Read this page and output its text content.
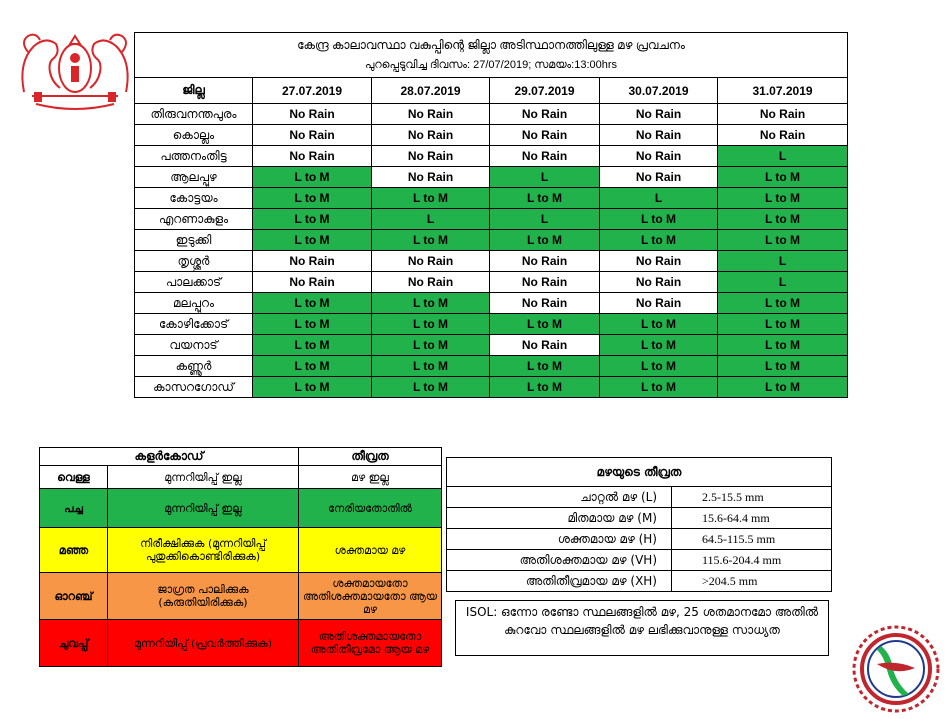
കേന്ദ്ര കാലാവസ്ഥാ വകുപ്പിന്റെ ജില്ലാ അടിസ്ഥാനത്തിലുള്ള മഴ പ്രവചനം
പുറപ്പെടുവിച്ച ദിവസം: 27/07/2019; സമയം:13:00hrs					

ജില്ല	27.07.2019	28.07.2019	29.07.2019	30.07.2019	31.07.2019
തിരുവനന്തപുരം	No Rain	No Rain	No Rain	No Rain	No Rain
കൊല്ലം	No Rain	No Rain	No Rain	No Rain	No Rain
പത്തനംതിട്ട	No Rain	No Rain	No Rain	No Rain	L
ആലപ്പുഴ	L to M	No Rain	L	No Rain	L to M
കോട്ടയം	L to M	L to M	L to M	L	L to M
എറണാകുളം	L to M	L	L	L to M	L to M
ഇടുക്കി	L to M	L to M	L to M	L to M	L to M
തൃശ്ശൂർ	No Rain	No Rain	No Rain	No Rain	L
പാലക്കാട്	No Rain	No Rain	No Rain	No Rain	L
മലപ്പുറം	L to M	L to M	No Rain	No Rain	L to M
കോഴിക്കോട്	L to M	L to M	L to M	L to M	L to M
വയനാട്	L to M	L to M	No Rain	L to M	L to M
കണ്ണൂർ	L to M	L to M	L to M	L to M	L to M
കാസറഗോഡ്	L to M	L to M	L to M	L to M	L to M
കളർകോഡ്		തീവ്രത
വെള്ള	മുന്നറിയിപ്പ് ഇല്ല	മഴ ഇല്ല
പച്ച	മുന്നറിയിപ്പ് ഇല്ല	നേരിയതോതിൽ
മഞ്ഞ	നിരീക്ഷിക്കുക (മുന്നറിയിപ്പ് പുതുക്കികൊണ്ടിരിക്കുക)	ശക്തമായ മഴ
ഓറഞ്ച്	ജാഗ്രത പാലിക്കുക (കരുതിയിരിക്കുക)	ശക്തമായതോ അതിശക്തമായതോ ആയ മഴ
ചുവപ്പ്	മുന്നറിയിപ്പ് (പ്രവർത്തിക്കുക)	അതിശക്തമായതോ അതിതീവ്രമോ ആയ മഴ
മഴയുടെ തീവ്രത	
ചാറ്റൽ മഴ (L)	2.5-15.5 mm
മിതമായ മഴ (M)	15.6-64.4 mm
ശക്തമായ മഴ (H)	64.5-115.5 mm
അതിശക്തമായ മഴ (VH)	115.6-204.4 mm
അതിതീവ്രമായ മഴ (XH)	>204.5 mm
ISOL: ഒന്നോ രണ്ടോ സ്ഥലങ്ങളിൽ മഴ, 25 ശതമാനമോ അതിൽ കുറവോ സ്ഥലങ്ങളിൽ മഴ ലഭിക്കുവാനുള്ള സാധ്യത
